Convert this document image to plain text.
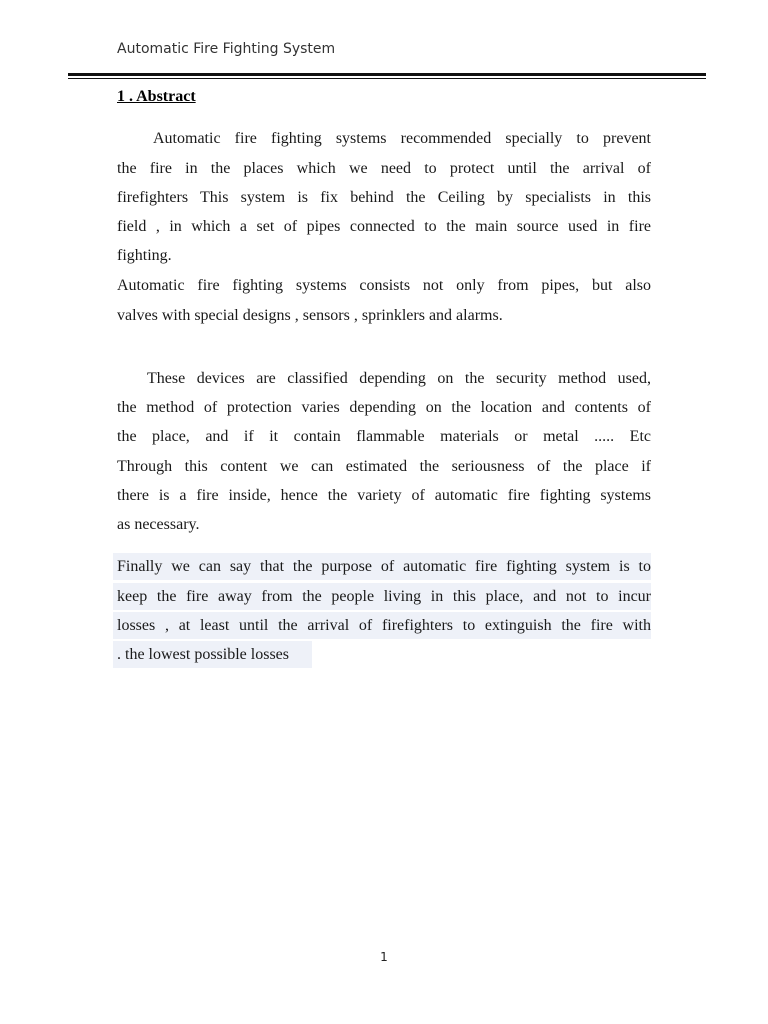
Automatic Fire Fighting System
1 . Abstract
Automatic fire fighting systems recommended specially to prevent
the fire in the places which we need to protect until the arrival of
firefighters This system is fix behind the Ceiling by specialists in this
field , in which a set of pipes connected to the main source used in fire
fighting.
Automatic fire fighting systems consists not only from pipes, but also
valves with special designs , sensors , sprinklers and alarms.
These devices are classified depending on the security method used,
the method of protection varies depending on the location and contents of
the place, and if it contain flammable materials or metal ..... Etc
Through this content we can estimated the seriousness of the place if
there is a fire inside, hence the variety of automatic fire fighting systems
as necessary.
Finally we can say that the purpose of automatic fire fighting system is to
keep the fire away from the people living in this place, and not to incur
losses , at least until the arrival of firefighters to extinguish the fire with
. the lowest possible losses
1
